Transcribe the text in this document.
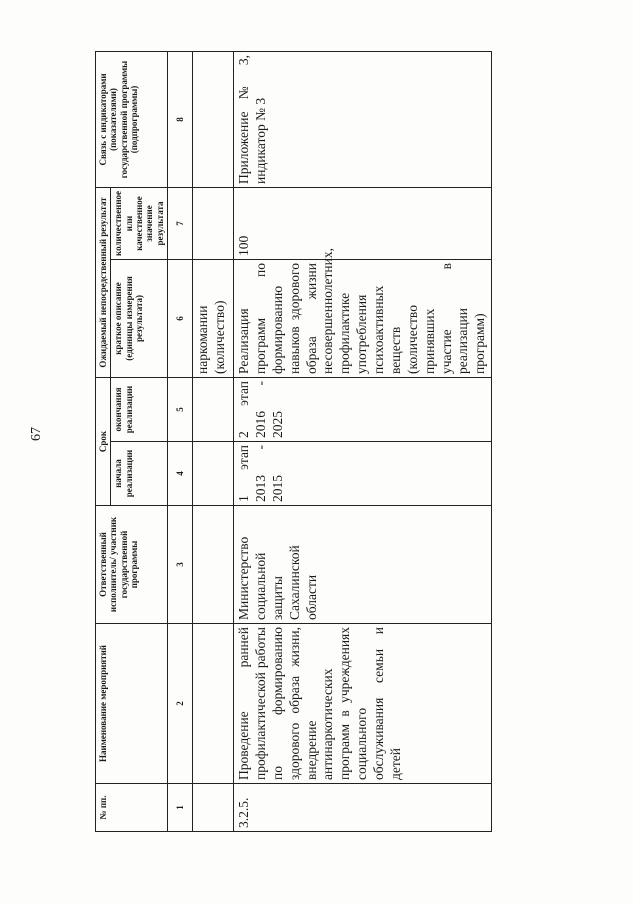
67
№ пп.	Наименование мероприятий	Ответственный исполнитель/ участник государственной программы	Срок		Ожидаемый непосредственный результат		Связь с индикаторами (показателями) государственной программы (подпрограммы)
			начала реализации	окончания реализации	краткое описание (единицы измерения результата)	количественное или качественное значение результата	
1	2	3	4	5	6	7	8
					наркомании (количество)		
3.2.5.	Проведение ранней профилактической работы по формированию здорового образа жизни, внедрение антинаркотических программ в учреждениях социального обслуживания семьи и детей	Министерство социальной защиты Сахалинской области	1 этап 2013 - 2015	2 этап 2016 - 2025	Реализация программ по формированию навыков здорового образа жизни несовершеннолетних, профилактике употребления психоактивных веществ (количество принявших участие в реализации программ)	100	Приложение № 3, индикатор № 3
